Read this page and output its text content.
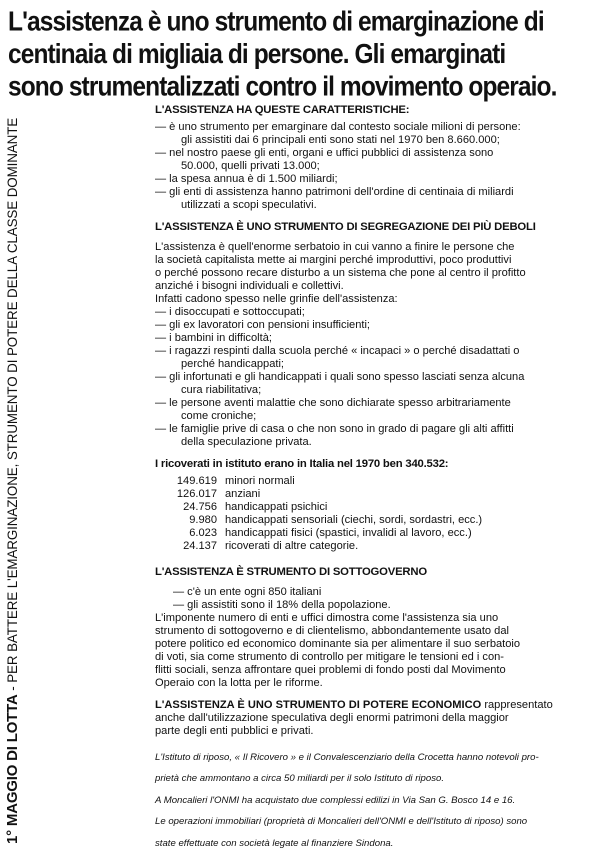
L'assistenza è uno strumento di emarginazione di
centinaia di migliaia di persone. Gli emarginati
sono strumentalizzati contro il movimento operaio.
1° MAGGIO DI LOTTA - PER BATTERE L'EMARGINAZIONE, STRUMENTO DI POTERE DELLA CLASSE DOMINANTE
L'ASSISTENZA HA QUESTE CARATTERISTICHE:

— è uno strumento per emarginare dal contesto sociale milioni di persone:

gli assistiti dai 6 principali enti sono stati nel 1970 ben 8.660.000;

— nel nostro paese gli enti, organi e uffici pubblici di assistenza sono

50.000, quelli privati 13.000;

— la spesa annua è di 1.500 miliardi;

— gli enti di assistenza hanno patrimoni dell'ordine di centinaia di miliardi

utilizzati a scopi speculativi.

L'ASSISTENZA È UNO STRUMENTO DI SEGREGAZIONE DEI PIÙ DEBOLI

L'assistenza è quell'enorme serbatoio in cui vanno a finire le persone che

la società capitalista mette ai margini perché improduttivi, poco produttivi

o perché possono recare disturbo a un sistema che pone al centro il profitto

anziché i bisogni individuali e collettivi.

Infatti cadono spesso nelle grinfie dell'assistenza:

— i disoccupati e sottoccupati;

— gli ex lavoratori con pensioni insufficienti;

— i bambini in difficoltà;

— i ragazzi respinti dalla scuola perché « incapaci » o perché disadattati o

perché handicappati;

— gli infortunati e gli handicappati i quali sono spesso lasciati senza alcuna

cura riabilitativa;

— le persone aventi malattie che sono dichiarate spesso arbitrariamente

come croniche;

— le famiglie prive di casa o che non sono in grado di pagare gli alti affitti

della speculazione privata.

I ricoverati in istituto erano in Italia nel 1970 ben 340.532:
149.619	minori normali
126.017	anziani
24.756	handicappati psichici
9.980	handicappati sensoriali (ciechi, sordi, sordastri, ecc.)
6.023	handicappati fisici (spastici, invalidi al lavoro, ecc.)
24.137	ricoverati di altre categorie.
L'ASSISTENZA È STRUMENTO DI SOTTOGOVERNO

— c'è un ente ogni 850 italiani

— gli assistiti sono il 18% della popolazione.

L'imponente numero di enti e uffici dimostra come l'assistenza sia uno

strumento di sottogoverno e di clientelismo, abbondantemente usato dal

potere politico ed economico dominante sia per alimentare il suo serbatoio

di voti, sia come strumento di controllo per mitigare le tensioni ed i con-

flitti sociali, senza affrontare quei problemi di fondo posti dal Movimento

Operaio con la lotta per le riforme.

L'ASSISTENZA È UNO STRUMENTO DI POTERE ECONOMICO rappresentato

anche dall'utilizzazione speculativa degli enormi patrimoni della maggior

parte degli enti pubblici e privati.

L'Istituto di riposo, « Il Ricovero » e il Convalescenziario della Crocetta hanno notevoli pro-

prietà che ammontano a circa 50 miliardi per il solo Istituto di riposo.

A Moncalieri l'ONMI ha acquistato due complessi edilizi in Via San G. Bosco 14 e 16.

Le operazioni immobiliari (proprietà di Moncalieri dell'ONMI e dell'Istituto di riposo) sono

state effettuate con società legate al finanziere Sindona.
